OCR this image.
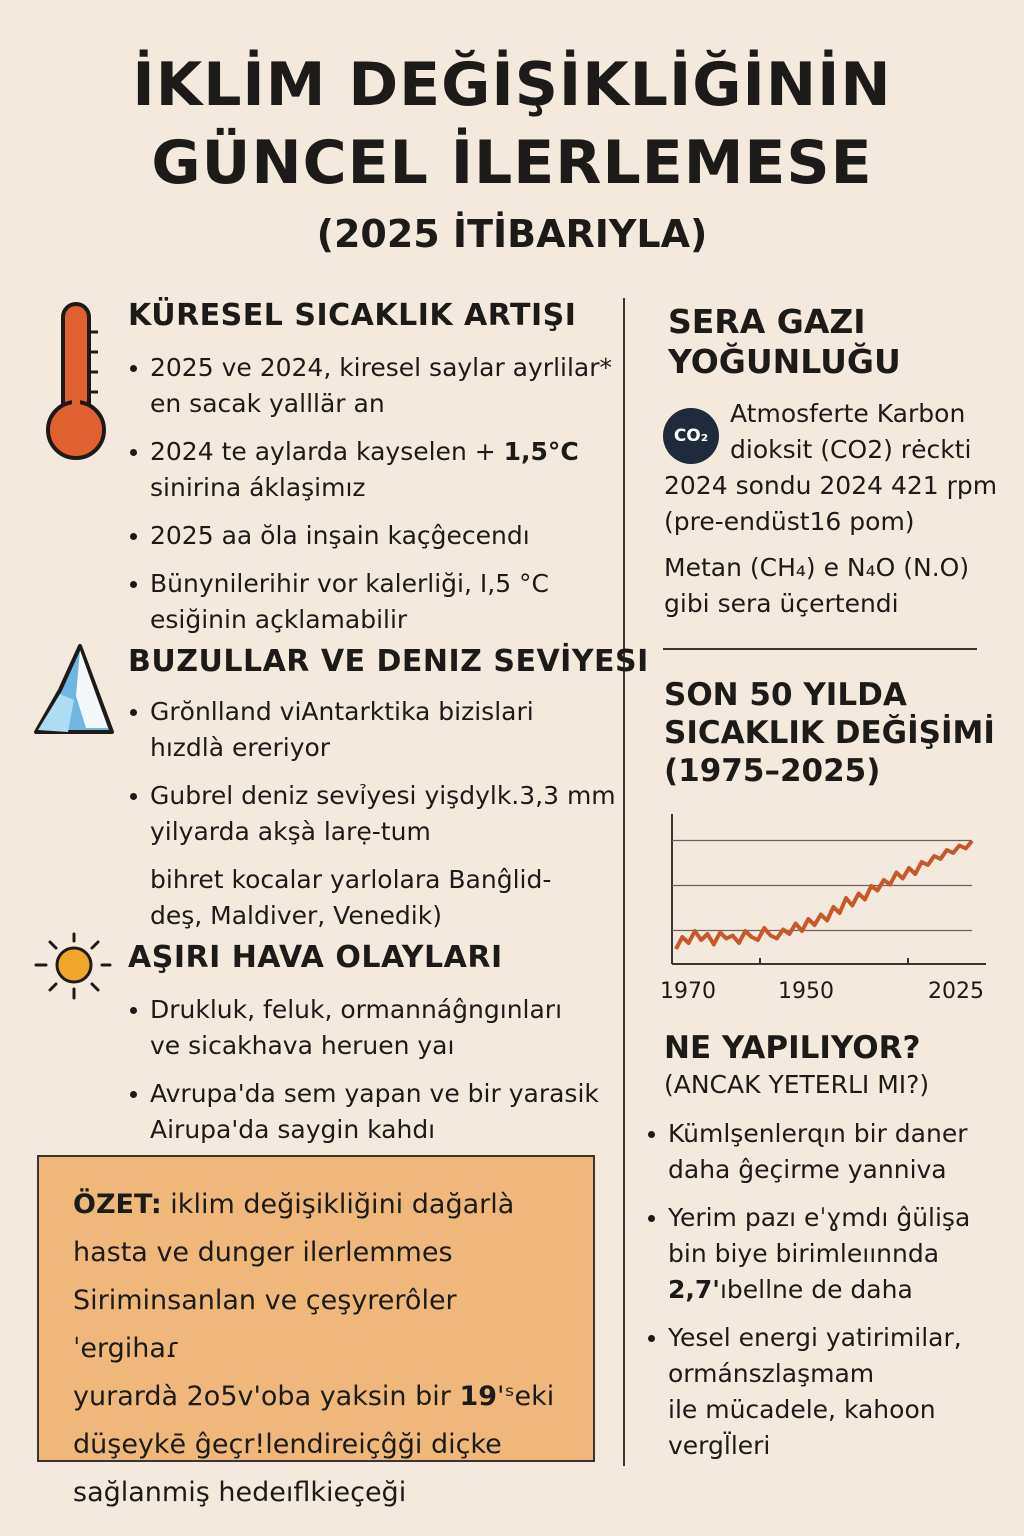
İKLİM DEĞİŞİKLİĞİNİN
GÜNCEL İLERLEMESE
(2025 İTİBARIYLA)
KÜRESEL SICAKLIK ARTIŞI
2025 ve 2024, kiresel saylar ayrlilar*
en sacak yalllär an
2024 te aylarda kayselen + 1,5°C
sinirina áklaşimız
2025 aa ŏla inşain kaçĝecendı
Bünynilerihir vor kalerliği, I,5 °C
esiğinin açklamabilir
BUZULLAR VE DENIZ SEVİYESI
Grŏnlland viAntarktika bizislari
hızdlà ereriyor
Gubrel deniz sevỉyesi yişdylk.3,3 mm
yilyarda akşà larẹ-tum
bihret kocalar yarlolara Banĝlid-
deş, Maldiver, Venedik)
AŞIRI HAVA OLAYLARI
Drukluk, feluk, ormannáĝngınları
ve sicakhava heruen yaı
Avrupa'da sem yapan ve bir yarasik
Airupa'da saygin kahdı
ÖZET: iklim değişikliğini dağarlà
hasta ve dunger ilerlemmes
Siriminsanlan ve çeşyrerôler ˈergihaɾ
yurardà 2o5ᴠ'oba yaksin bir 19'ˢeki
düşeykē ĝeçr!lendireiçĝği diçke
sağlanmiş hedeıflkieçeği
SERA GAZI
YOĞUNLUĞU
CO₂
Atmosferte Karbon
dioksit (CO2) rėckti
2024 sondu 2024 421 ɼpm
(pre-endüst16 pom)
Metan (CH₄) e N₄O (N.O)
gibi sera üçertendi
SON 50 YILDA
SICAKLIK DEĞİŞİMİ
(1975–2025)
1970	1950	2025
NE YAPILIYOR?
(ANCAK YETERLI MI?)
Kümlşenlerɋın bir daner
daha ĝeçirme yanniva
Yerim pazı eˈɣmdı ĝülişa
bin biye birimleıınnda
2,7'ıbellne de daha
Yesel energi yatirimilar,
ormánszlaşmam
ile mücadele, kahoon
vergl̈leri
